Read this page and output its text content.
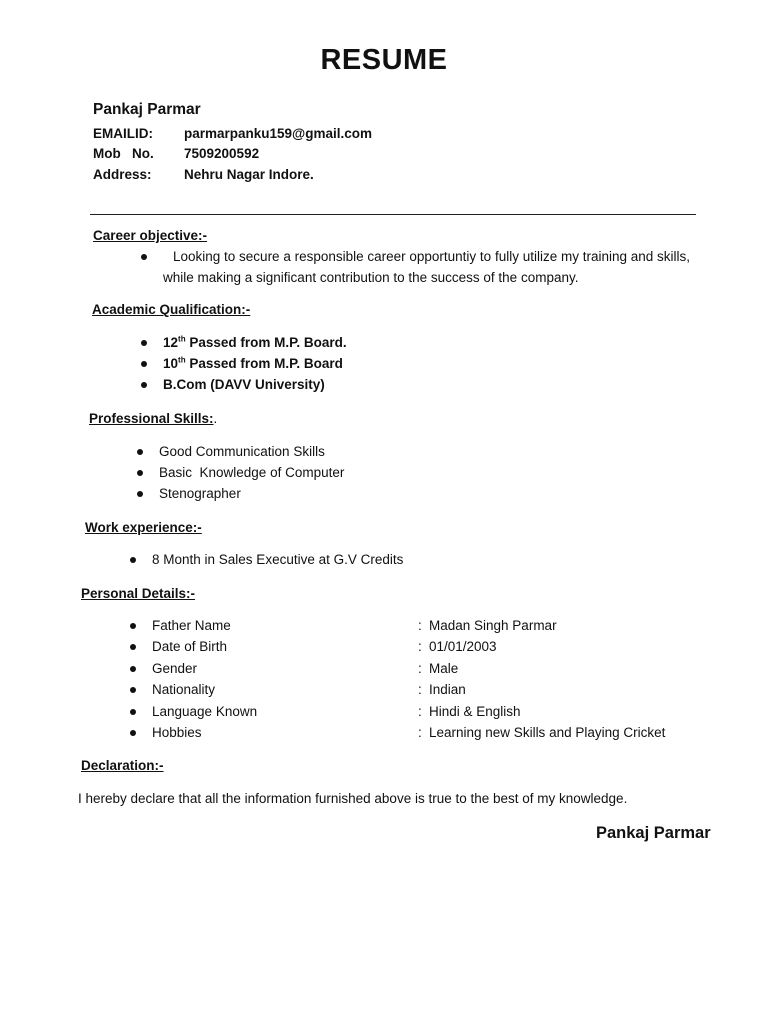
RESUME
Pankaj Parmar
EMAILID: parmarpanku159@gmail.com
Mob   No. 7509200592
Address: Nehru Nagar Indore.
Career objective:-
Looking to secure a responsible career opportuntiy to fully utilize my training and skills, while making a significant contribution to the success of the company.
Academic Qualification:-
12th Passed from M.P. Board.
10th Passed from M.P. Board
B.Com (DAVV University)
Professional Skills:.
Good Communication Skills
Basic  Knowledge of Computer
Stenographer
Work experience:-
8 Month in Sales Executive at G.V Credits
Personal Details:-
Father Name	: Madan Singh Parmar
Date of Birth	: 01/01/2003
Gender	: Male
Nationality	: Indian
Language Known	: Hindi & English
Hobbies	: Learning new Skills and Playing Cricket
Declaration:-
I hereby declare that all the information furnished above is true to the best of my knowledge.
Pankaj Parmar
